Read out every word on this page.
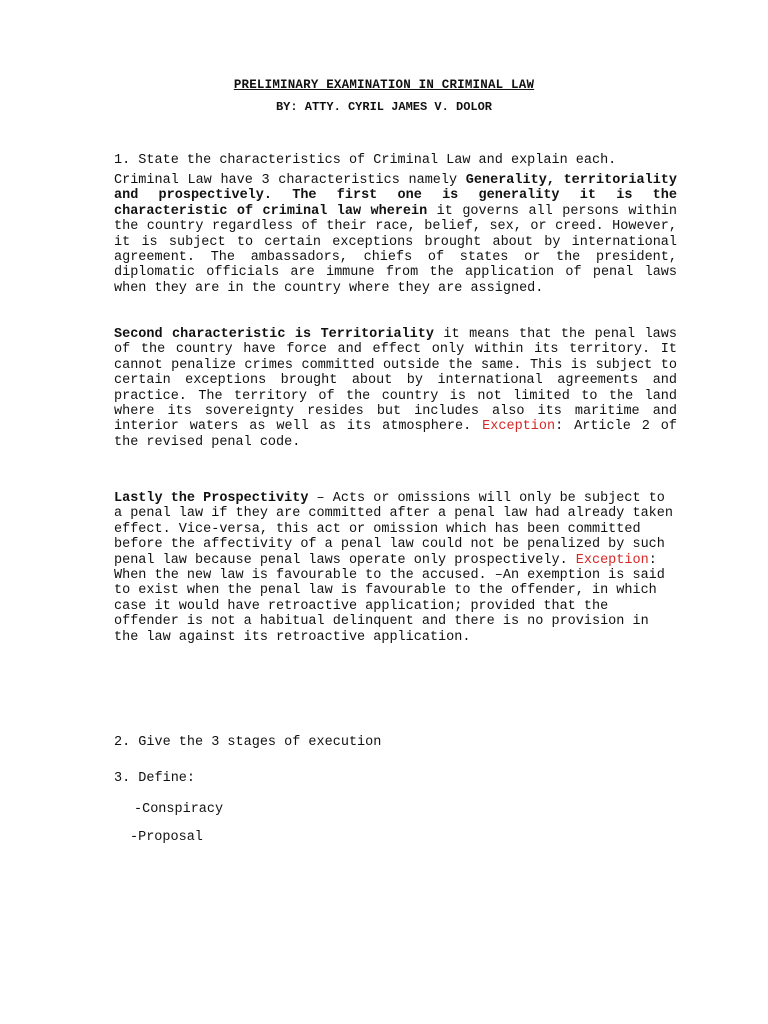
PRELIMINARY EXAMINATION IN CRIMINAL LAW

BY: ATTY. CYRIL JAMES V. DOLOR

1. State the characteristics of Criminal Law and explain each.

Criminal Law have 3 characteristics namely Generality, territoriality and prospectively. The first one is generality it is the characteristic of criminal law wherein it governs all persons within the country regardless of their race, belief, sex, or creed. However, it is subject to certain exceptions brought about by international agreement. The ambassadors, chiefs of states or the president, diplomatic officials are immune from the application of penal laws when they are in the country where they are assigned.

Second characteristic is Territoriality it means that the penal laws of the country have force and effect only within its territory. It cannot penalize crimes committed outside the same. This is subject to certain exceptions brought about by international agreements and practice. The territory of the country is not limited to the land where its sovereignty resides but includes also its maritime and interior waters as well as its atmosphere. Exception: Article 2 of the revised penal code.

Lastly the Prospectivity – Acts or omissions will only be subject to a penal law if they are committed after a penal law had already taken effect. Vice-versa, this act or omission which has been committed before the affectivity of a penal law could not be penalized by such penal law because penal laws operate only prospectively. Exception: When the new law is favourable to the accused. –An exemption is said to exist when the penal law is favourable to the offender, in which case it would have retroactive application; provided that the offender is not a habitual delinquent and there is no provision in the law against its retroactive application.

2. Give the 3 stages of execution

3. Define:

-Conspiracy

-Proposal
